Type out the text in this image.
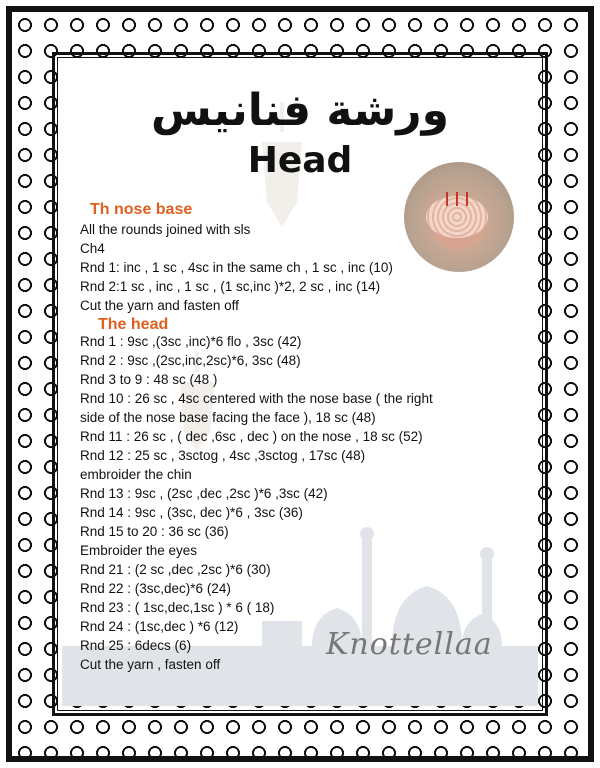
ورشة فنانيس
Head
Th nose base
All the rounds joined with sls
Ch4
Rnd 1: inc , 1 sc , 4sc in the same ch , 1 sc , inc (10)
Rnd 2:1 sc , inc , 1 sc , (1 sc,inc )*2, 2 sc , inc (14)
Cut the yarn and fasten off
The head
Rnd 1 : 9sc ,(3sc ,inc)*6 flo , 3sc (42)
Rnd 2 : 9sc ,(2sc,inc,2sc)*6, 3sc (48)
Rnd 3 to 9 : 48 sc (48 )
Rnd 10 : 26 sc , 4sc centered with the nose base ( the right
side of the nose base facing the face ), 18 sc (48)
Rnd 11 : 26 sc , ( dec ,6sc , dec ) on the nose , 18 sc (52)
Rnd 12 : 25 sc , 3sctog , 4sc ,3sctog , 17sc (48)
embroider the chin
Rnd 13 : 9sc , (2sc ,dec ,2sc )*6 ,3sc (42)
Rnd 14 : 9sc , (3sc, dec )*6 , 3sc (36)
Rnd 15 to 20 : 36 sc (36)
Embroider the eyes
Rnd 21 : (2 sc ,dec ,2sc )*6 (30)
Rnd 22 : (3sc,dec)*6 (24)
Rnd 23 : ( 1sc,dec,1sc ) * 6 ( 18)
Rnd 24 : (1sc,dec ) *6 (12)
Rnd 25 : 6decs (6)
Cut the yarn , fasten off
Knottellaa
